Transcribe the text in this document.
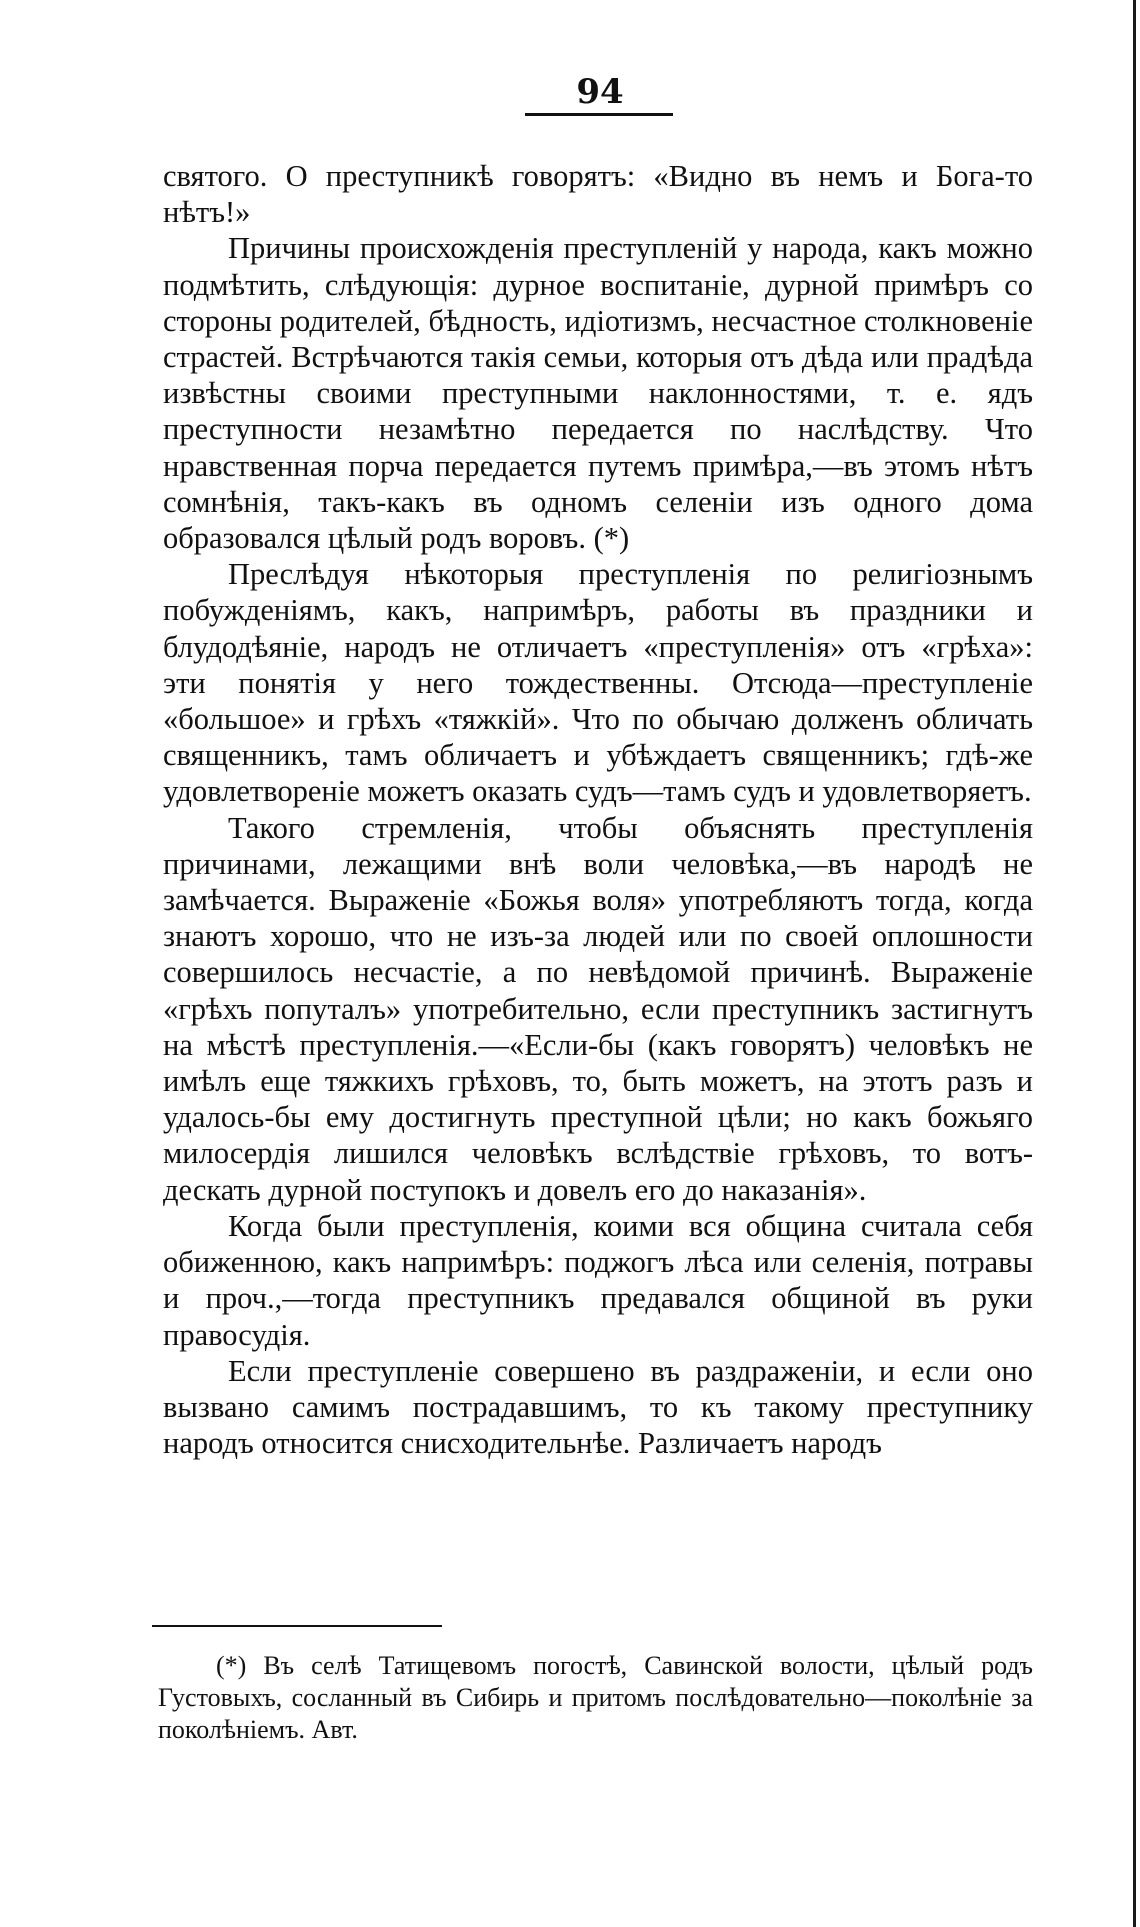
94

святого. О преступникѣ говорятъ: «Видно въ немъ и Бога-то нѣтъ!»

Причины происхожденія преступленій у народа, какъ можно подмѣтить, слѣдующія: дурное воспитаніе, дурной примѣръ со стороны родителей, бѣдность, идіотизмъ, несчастное столкновеніе страстей. Встрѣчаются такія семьи, которыя отъ дѣда или прадѣда извѣстны своими преступными наклонностями, т. е. ядъ преступности незамѣтно передается по наслѣдству. Что нравственная порча передается путемъ примѣра,—въ этомъ нѣтъ сомнѣнія, такъ-какъ въ одномъ селеніи изъ одного дома образовался цѣлый родъ воровъ. (*)

Преслѣдуя нѣкоторыя преступленія по религіознымъ побужденіямъ, какъ, напримѣръ, работы въ праздники и блудодѣяніе, народъ не отличаетъ «преступленія» отъ «грѣха»: эти понятія у него тождественны. Отсюда—преступленіе «большое» и грѣхъ «тяжкій». Что по обычаю долженъ обличать священникъ, тамъ обличаетъ и убѣждаетъ священникъ; гдѣ-же удовлетвореніе можетъ оказать судъ—тамъ судъ и удовлетворяетъ.

Такого стремленія, чтобы объяснять преступленія причинами, лежащими внѣ воли человѣка,—въ народѣ не замѣчается. Выраженіе «Божья воля» употребляютъ тогда, когда знаютъ хорошо, что не изъ-за людей или по своей оплошности совершилось несчастіе, а по невѣдомой причинѣ. Выраженіе «грѣхъ попуталъ» употребительно, если преступникъ застигнутъ на мѣстѣ преступленія.—«Если-бы (какъ говорятъ) человѣкъ не имѣлъ еще тяжкихъ грѣховъ, то, быть можетъ, на этотъ разъ и удалось-бы ему достигнуть преступной цѣли; но какъ божьяго милосердія лишился человѣкъ вслѣдствіе грѣховъ, то вотъ-дескать дурной поступокъ и довелъ его до наказанія».

Когда были преступленія, коими вся община считала себя обиженною, какъ напримѣръ: поджогъ лѣса или селенія, потравы и проч.,—тогда преступникъ предавался общиной въ руки правосудія.

Если преступленіе совершено въ раздраженіи, и если оно вызвано самимъ пострадавшимъ, то къ такому преступнику народъ относится снисходительнѣе. Различаетъ народъ

(*) Въ селѣ Татищевомъ погостѣ, Савинской волости, цѣлый родъ Густовыхъ, сосланный въ Сибирь и притомъ послѣдовательно—поколѣніе за поколѣніемъ. Авт.
